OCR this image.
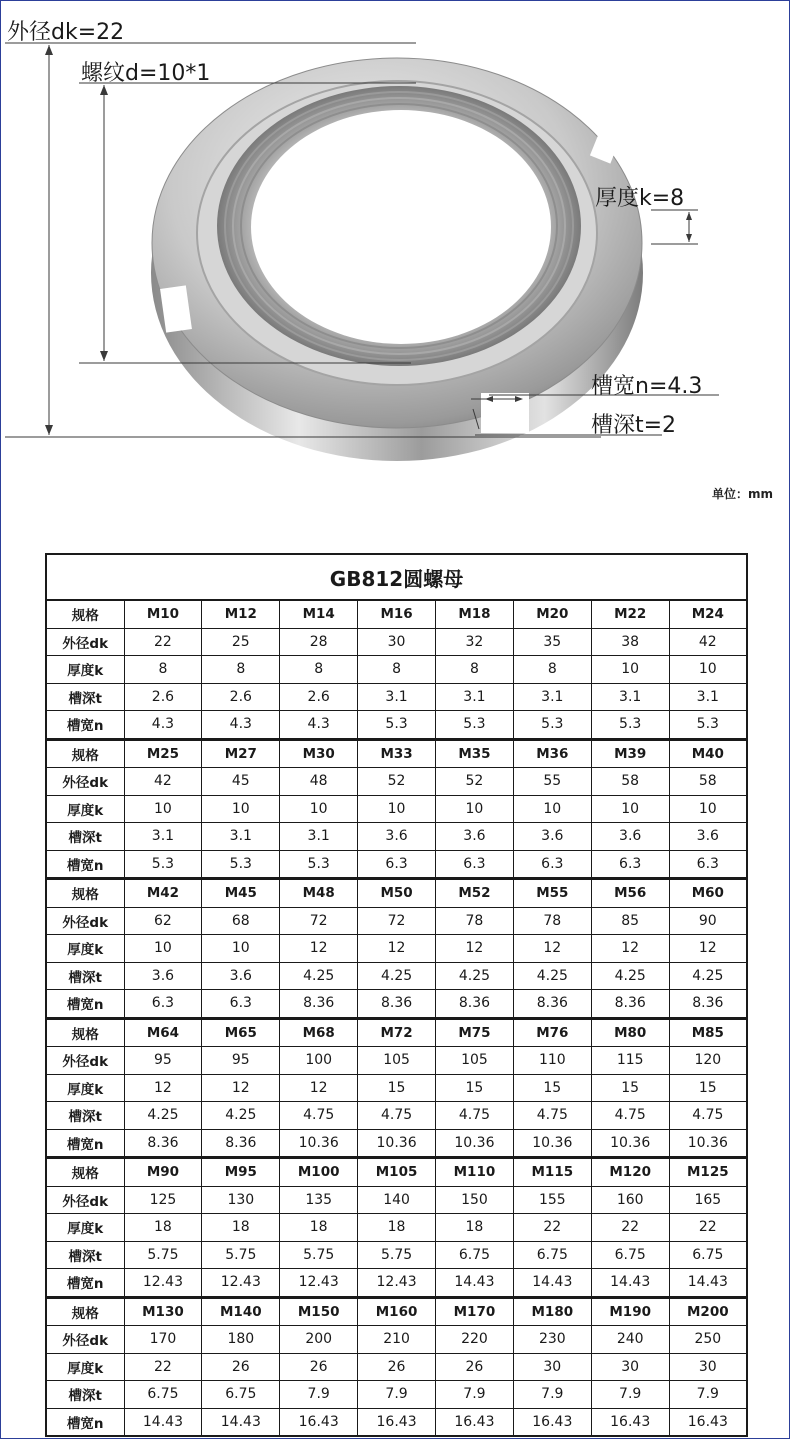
外径dk=22
螺纹d=10*1
厚度k=8
槽宽n=4.3
槽深t=2
单位：mm
GB812圆螺母								
规格	M10	M12	M14	M16	M18	M20	M22	M24
外径dk	22	25	28	30	32	35	38	42
厚度k	8	8	8	8	8	8	10	10
槽深t	2.6	2.6	2.6	3.1	3.1	3.1	3.1	3.1
槽宽n	4.3	4.3	4.3	5.3	5.3	5.3	5.3	5.3
规格	M25	M27	M30	M33	M35	M36	M39	M40
外径dk	42	45	48	52	52	55	58	58
厚度k	10	10	10	10	10	10	10	10
槽深t	3.1	3.1	3.1	3.6	3.6	3.6	3.6	3.6
槽宽n	5.3	5.3	5.3	6.3	6.3	6.3	6.3	6.3
规格	M42	M45	M48	M50	M52	M55	M56	M60
外径dk	62	68	72	72	78	78	85	90
厚度k	10	10	12	12	12	12	12	12
槽深t	3.6	3.6	4.25	4.25	4.25	4.25	4.25	4.25
槽宽n	6.3	6.3	8.36	8.36	8.36	8.36	8.36	8.36
规格	M64	M65	M68	M72	M75	M76	M80	M85
外径dk	95	95	100	105	105	110	115	120
厚度k	12	12	12	15	15	15	15	15
槽深t	4.25	4.25	4.75	4.75	4.75	4.75	4.75	4.75
槽宽n	8.36	8.36	10.36	10.36	10.36	10.36	10.36	10.36
规格	M90	M95	M100	M105	M110	M115	M120	M125
外径dk	125	130	135	140	150	155	160	165
厚度k	18	18	18	18	18	22	22	22
槽深t	5.75	5.75	5.75	5.75	6.75	6.75	6.75	6.75
槽宽n	12.43	12.43	12.43	12.43	14.43	14.43	14.43	14.43
规格	M130	M140	M150	M160	M170	M180	M190	M200
外径dk	170	180	200	210	220	230	240	250
厚度k	22	26	26	26	26	30	30	30
槽深t	6.75	6.75	7.9	7.9	7.9	7.9	7.9	7.9
槽宽n	14.43	14.43	16.43	16.43	16.43	16.43	16.43	16.43
